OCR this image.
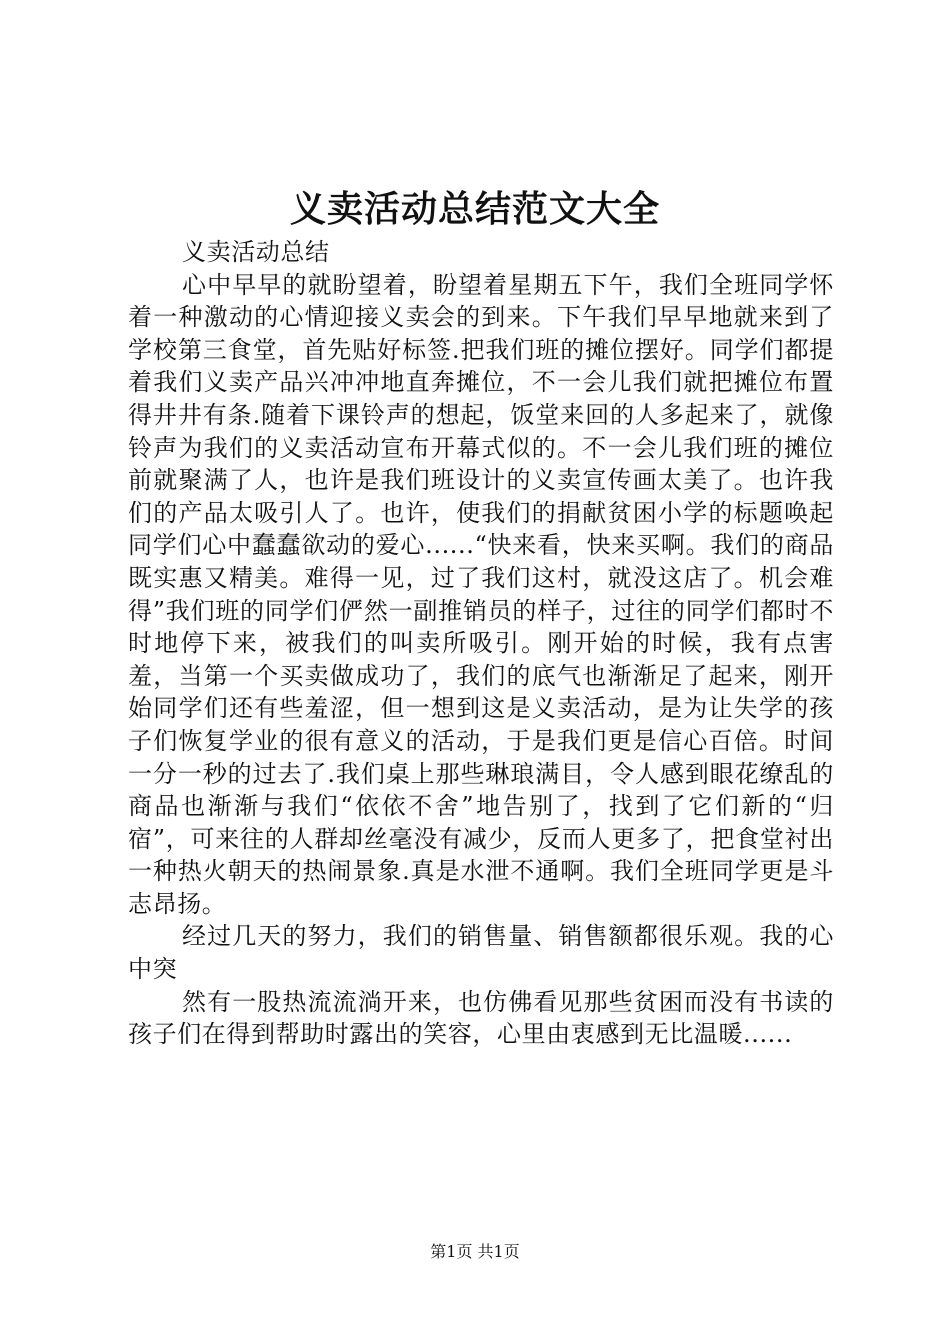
义卖活动总结范文大全

义卖活动总结

心中早早的就盼望着，盼望着星期五下午，我们全班同学怀着一种激动的心情迎接义卖会的到来。下午我们早早地就来到了学校第三食堂，首先贴好标签.把我们班的摊位摆好。同学们都提着我们义卖产品兴冲冲地直奔摊位，不一会儿我们就把摊位布置得井井有条.随着下课铃声的想起，饭堂来回的人多起来了，就像铃声为我们的义卖活动宣布开幕式似的。不一会儿我们班的摊位前就聚满了人，也许是我们班设计的义卖宣传画太美了。也许我们的产品太吸引人了。也许，使我们的捐献贫困小学的标题唤起同学们心中蠢蠢欲动的爱心......“快来看，快来买啊。我们的商品既实惠又精美。难得一见，过了我们这村，就没这店了。机会难得”我们班的同学们俨然一副推销员的样子，过往的同学们都时不时地停下来，被我们的叫卖所吸引。刚开始的时候，我有点害羞，当第一个买卖做成功了，我们的底气也渐渐足了起来，刚开始同学们还有些羞涩，但一想到这是义卖活动，是为让失学的孩子们恢复学业的很有意义的活动，于是我们更是信心百倍。时间一分一秒的过去了.我们桌上那些琳琅满目，令人感到眼花缭乱的商品也渐渐与我们“依依不舍”地告别了，找到了它们新的“归宿”，可来往的人群却丝毫没有减少，反而人更多了，把食堂衬出一种热火朝天的热闹景象.真是水泄不通啊。我们全班同学更是斗志昂扬。

经过几天的努力，我们的销售量、销售额都很乐观。我的心中突

然有一股热流流淌开来，也仿佛看见那些贫困而没有书读的孩子们在得到帮助时露出的笑容，心里由衷感到无比温暖......

第1页 共1页
